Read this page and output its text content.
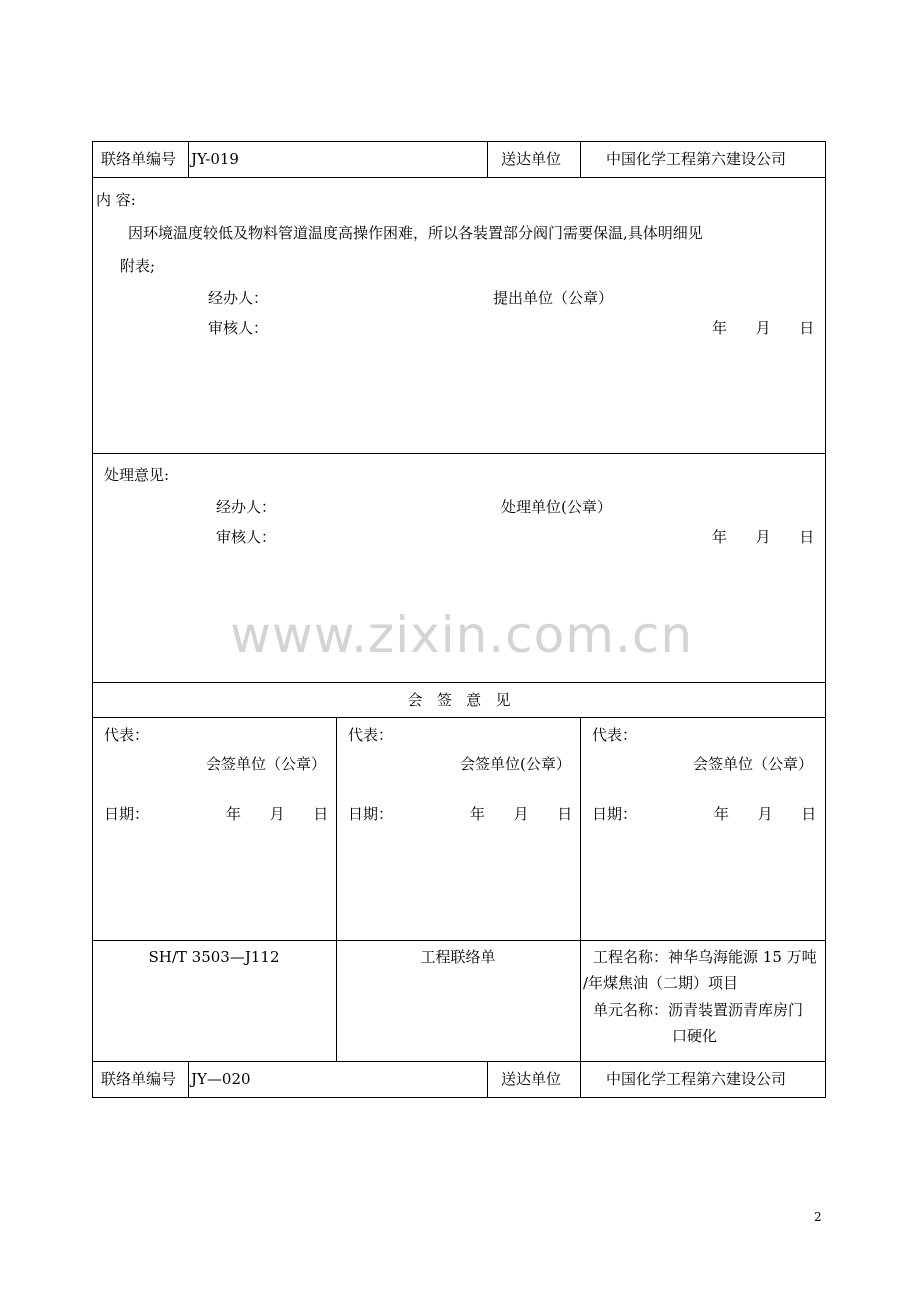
联络单编号 JY-019	送达单位	中国化学工程第六建设公司
内 容:
因环境温度较低及物料管道温度高操作困难，所以各装置部分阀门需要保温,具体明细见
附表;
经办人：	提出单位（公章）
审核人：	年      月      日
处理意见:
经办人：	处理单位(公章）
审核人：	年      月      日
www.zixin.com.cn
会   签   意   见
代表：
会签单位（公章）
日期：	年      月      日
代表：
会签单位(公章）
日期：	年      月      日
代表：
会签单位（公章）
日期：	年      月      日
SH/T 3503—J112	工程联络单	工程名称：神华乌海能源 15 万吨
/年煤焦油（二期）项目
单元名称：沥青装置沥青库房门
口硬化
联络单编号 JY—020	送达单位	中国化学工程第六建设公司
2
